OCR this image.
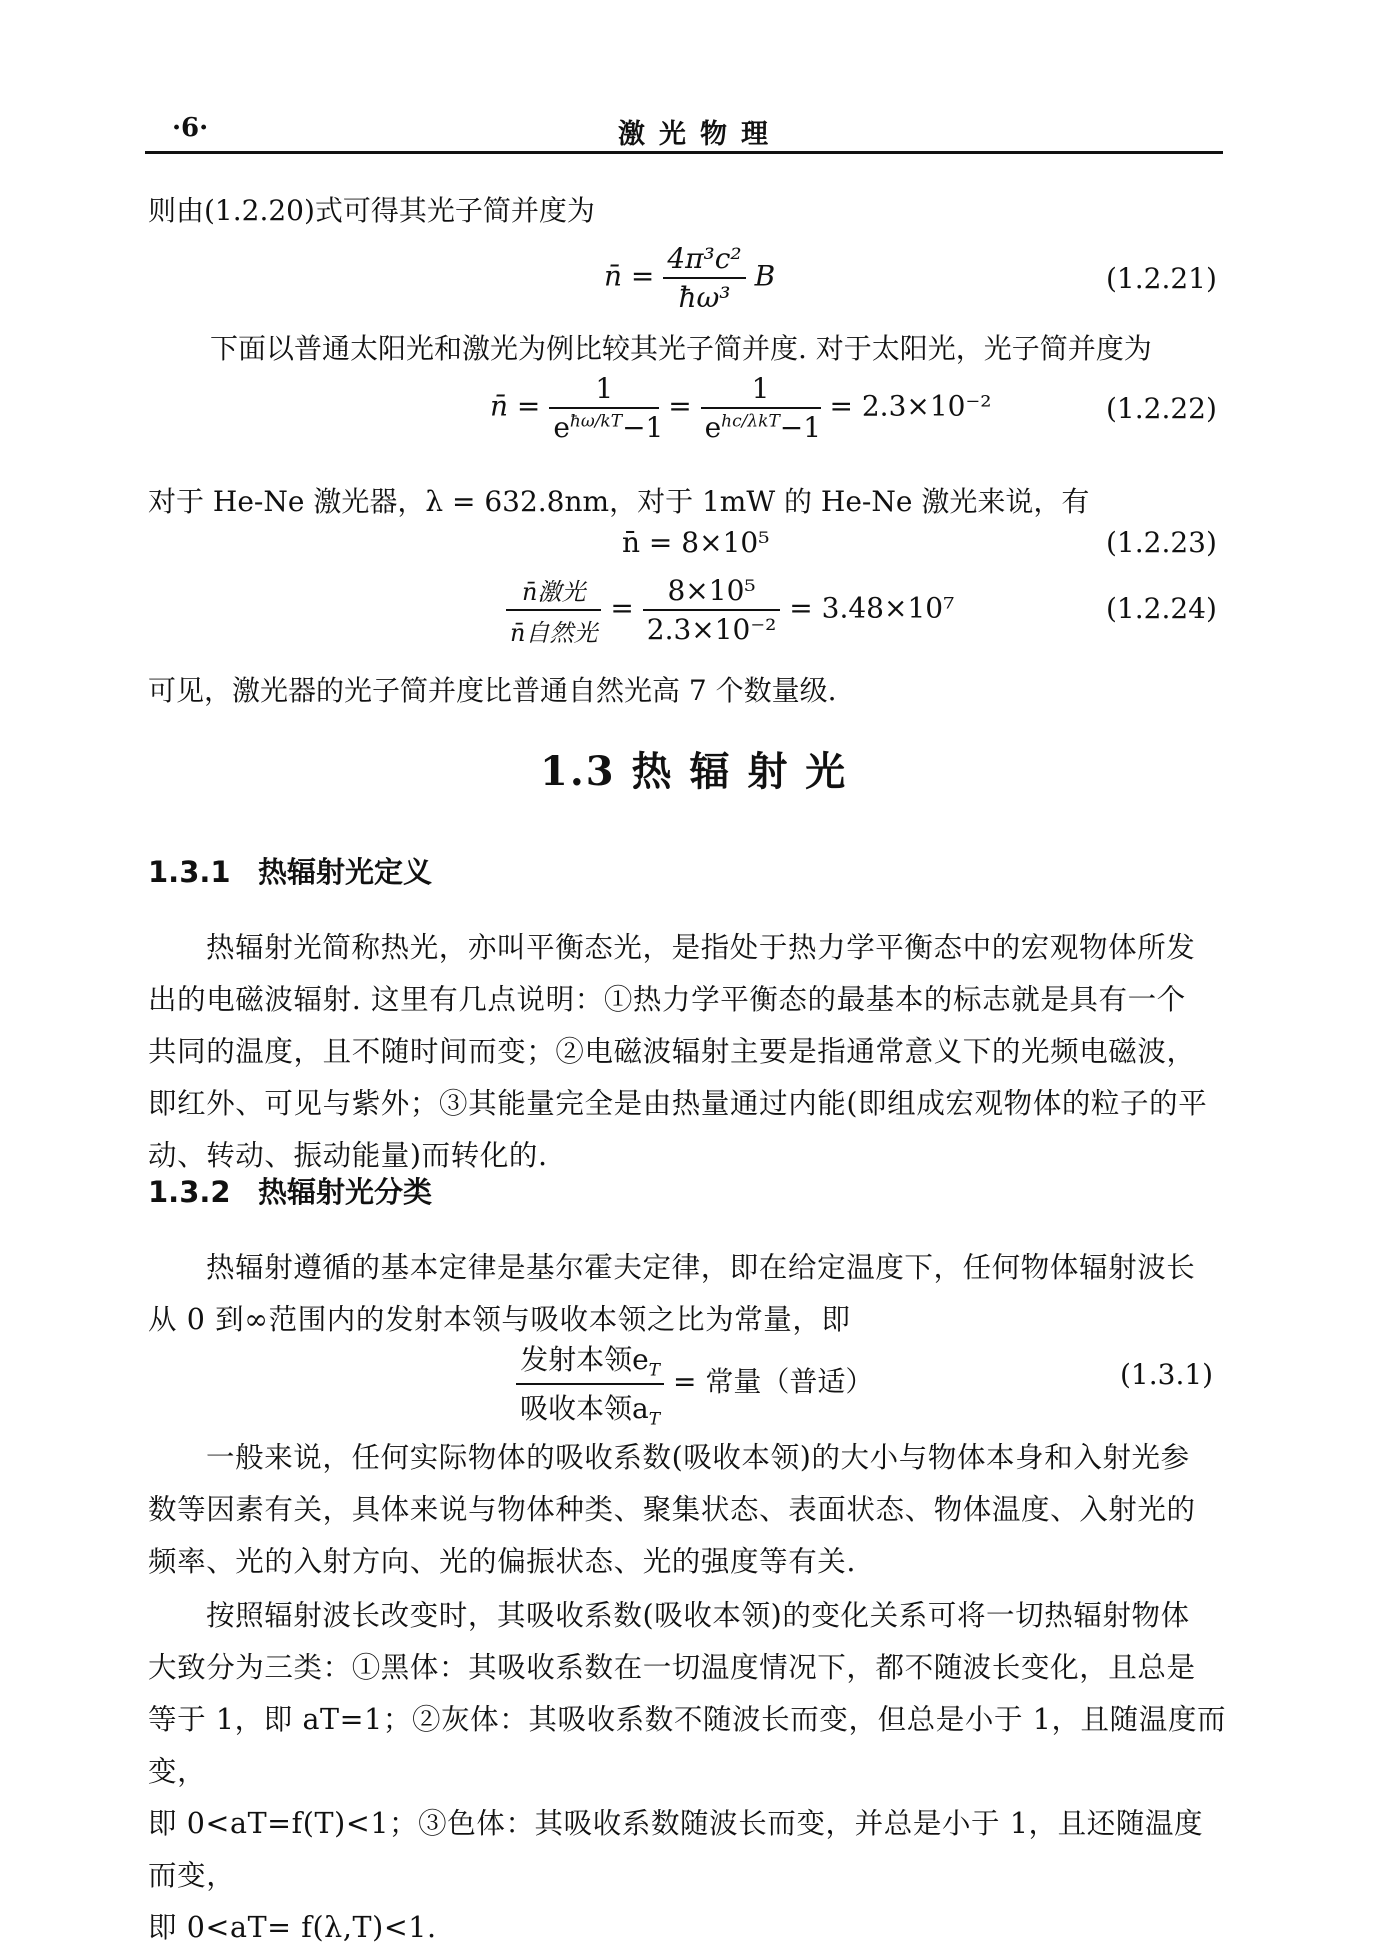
·6·	激光物理
则由(1.2.20)式可得其光子简并度为
n̄ = $\frac{\text{4π³c²}}{\text{ħω³}}$ B	(1.2.21)
下面以普通太阳光和激光为例比较其光子简并度. 对于太阳光，光子简并度为
n̄ = $\frac{1}{e^{ħ\omega/kT}-1} = \frac{1}{e^{hc/\lambda kT}-1} = 2.3\times 10^{-2}$	(1.2.22)
对于 He-Ne 激光器，λ = 632.8nm，对于 1mW 的 He-Ne 激光来说，有
n̄ = 8×10⁵	(1.2.23)
$\frac{\text{n̄激光}}{\text{n̄自然光}} = \frac{\text{8×10⁵}}{\text{2.3×10⁻²}} = 3.48\times 10^7$	(1.2.24)
可见，激光器的光子简并度比普通自然光高 7 个数量级.
1.3 热 辐 射 光
1.3.1 热辐射光定义
热辐射光简称热光，亦叫平衡态光，是指处于热力学平衡态中的宏观物体所发
出的电磁波辐射. 这里有几点说明：①热力学平衡态的最基本的标志就是具有一个
共同的温度，且不随时间而变；②电磁波辐射主要是指通常意义下的光频电磁波，
即红外、可见与紫外；③其能量完全是由热量通过内能(即组成宏观物体的粒子的平
动、转动、振动能量)而转化的.
1.3.2 热辐射光分类
热辐射遵循的基本定律是基尔霍夫定律，即在给定温度下，任何物体辐射波长
从 0 到∞范围内的发射本领与吸收本领之比为常量，即
$\frac{发射本领e_T}{吸收本领a_T}$ = 常量（普适）	(1.3.1)
一般来说，任何实际物体的吸收系数(吸收本领)的大小与物体本身和入射光参
数等因素有关，具体来说与物体种类、聚集状态、表面状态、物体温度、入射光的
频率、光的入射方向、光的偏振状态、光的强度等有关.
按照辐射波长改变时，其吸收系数(吸收本领)的变化关系可将一切热辐射物体
大致分为三类：①黑体：其吸收系数在一切温度情况下，都不随波长变化，且总是
等于 1，即 aT=1；②灰体：其吸收系数不随波长而变，但总是小于 1，且随温度而变，
即 0<aT=f(T)<1；③色体：其吸收系数随波长而变，并总是小于 1，且还随温度而变，
即 0<aT= f(λ,T)<1.
